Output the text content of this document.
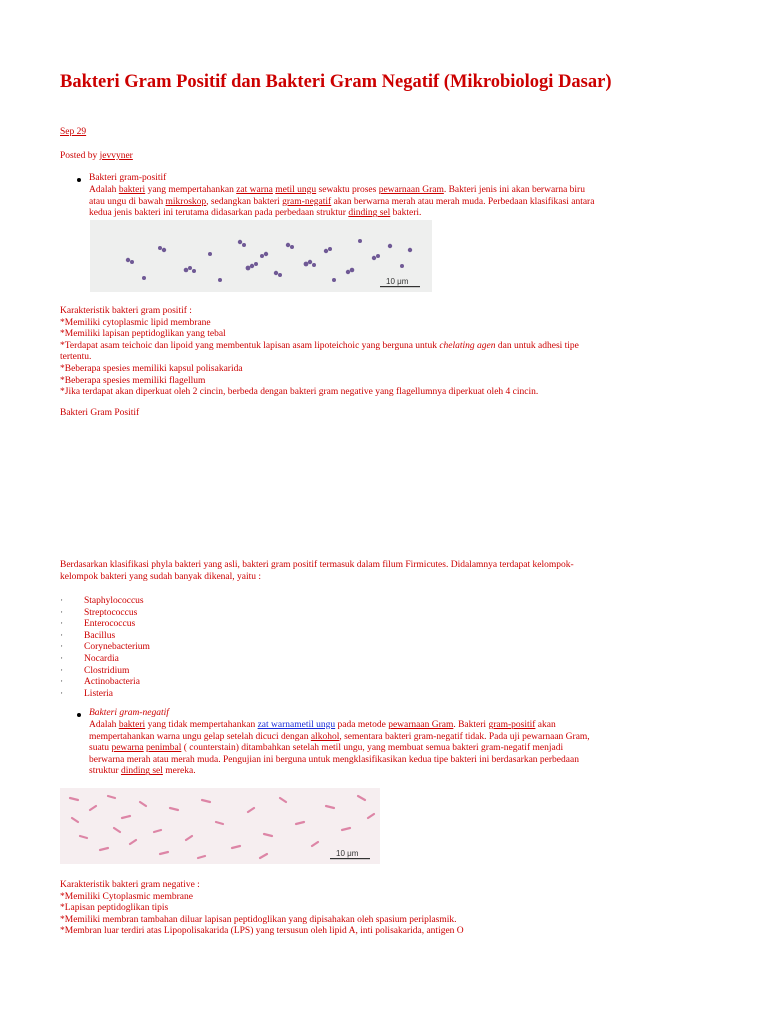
Bakteri Gram Positif dan Bakteri Gram Negatif (Mikrobiologi Dasar)
Sep 29
Posted by jevvyner
Bakteri gram-positif
Adalah bakteri yang mempertahankan zat warna metil ungu sewaktu proses pewarnaan Gram. Bakteri jenis ini akan berwarna biru
atau ungu di bawah mikroskop, sedangkan bakteri gram-negatif akan berwarna merah atau merah muda. Perbedaan klasifikasi antara
kedua jenis bakteri ini terutama didasarkan pada perbedaan struktur dinding sel bakteri.
10 μm
Karakteristik bakteri gram positif :
*Memiliki cytoplasmic lipid membrane
*Memiliki lapisan peptidoglikan yang tebal
*Terdapat asam teichoic dan lipoid yang membentuk lapisan asam lipoteichoic yang berguna untuk chelating agen dan untuk adhesi tipe
tertentu.
*Beberapa spesies memiliki kapsul polisakarida
*Beberapa spesies memiliki flagellum
*Jika terdapat akan diperkuat oleh 2 cincin, berbeda dengan bakteri gram negative yang flagellumnya diperkuat oleh 4 cincin.
Bakteri Gram Positif
Berdasarkan klasifikasi phyla bakteri yang asli, bakteri gram positif termasuk dalam filum Firmicutes. Didalamnya terdapat kelompok-
kelompok bakteri yang sudah banyak dikenal, yaitu :
·	Staphylococcus
·	Streptococcus
·	Enterococcus
·	Bacillus
·	Corynebacterium
·	Nocardia
·	Clostridium
·	Actinobacteria
·	Listeria
Bakteri gram-negatif
Adalah bakteri yang tidak mempertahankan zat warnametil ungu pada metode pewarnaan Gram. Bakteri gram-positif akan
mempertahankan warna ungu gelap setelah dicuci dengan alkohol, sementara bakteri gram-negatif tidak. Pada uji pewarnaan Gram,
suatu pewarna penimbal ( counterstain) ditambahkan setelah metil ungu, yang membuat semua bakteri gram-negatif menjadi
berwarna merah atau merah muda. Pengujian ini berguna untuk mengklasifikasikan kedua tipe bakteri ini berdasarkan perbedaan
struktur dinding sel mereka.
10 μm
Karakteristik bakteri gram negative :
*Memiliki Cytoplasmic membrane
*Lapisan peptidoglikan tipis
*Memiliki membran tambahan diluar lapisan peptidoglikan yang dipisahakan oleh spasium periplasmik.
*Membran luar terdiri atas Lipopolisakarida (LPS) yang tersusun oleh lipid A, inti polisakarida, antigen O
